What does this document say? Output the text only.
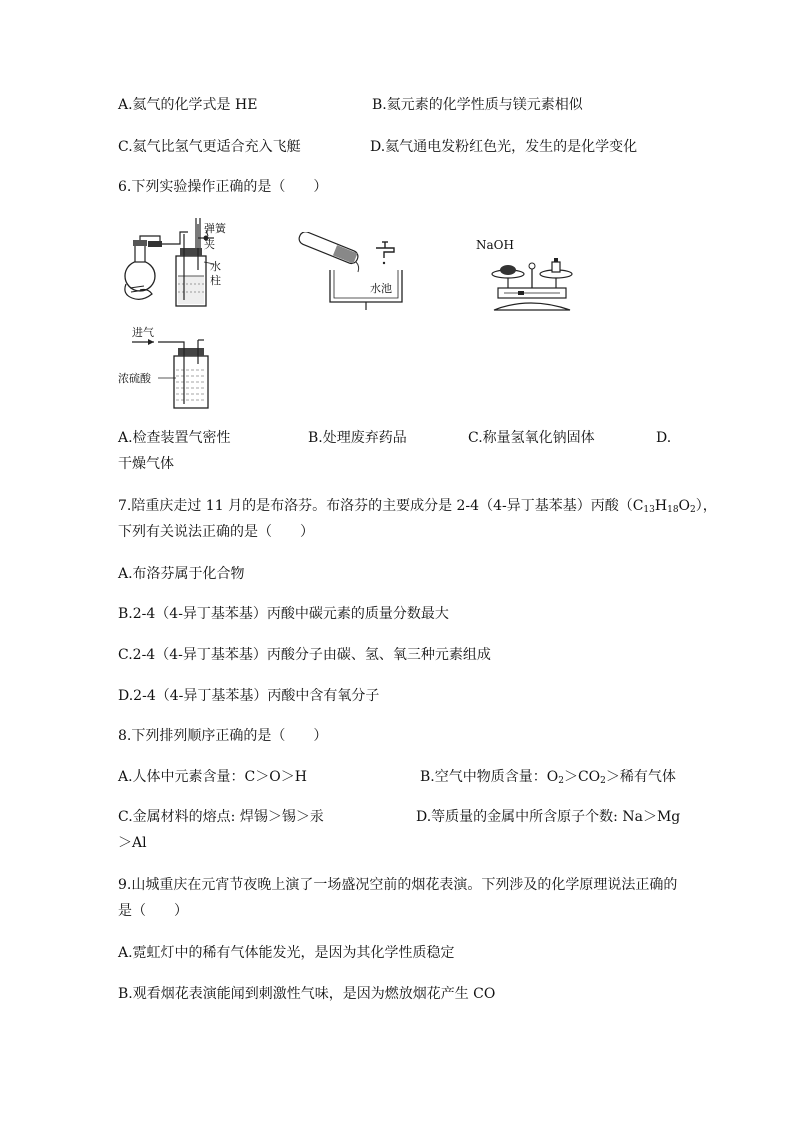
A.氦气的化学式是 HE	B.氦元素的化学性质与镁元素相似
C.氦气比氢气更适合充入飞艇	D.氦气通电发粉红色光，发生的是化学变化
6.下列实验操作正确的是（　　）
弹簧夹
水
柱
水池
NaOH
进气
浓硫酸
A.检查装置气密性	B.处理废弃药品	C.称量氢氧化钠固体	D.
干燥气体
7.陪重庆走过 11 月的是布洛芬。布洛芬的主要成分是 2-4（4-异丁基苯基）丙酸$(C_{13}H_{18}O_2)$，
下列有关说法正确的是（　　）
A.布洛芬属于化合物
B.2-4（4-异丁基苯基）丙酸中碳元素的质量分数最大
C.2-4（4-异丁基苯基）丙酸分子由碳、氢、氧三种元素组成
D.2-4（4-异丁基苯基）丙酸中含有氧分子
8.下列排列顺序正确的是（　　）
A.人体中元素含量：C＞O＞H	B.空气中物质含量：$O_2>CO_2>$稀有气体
C.金属材料的熔点: 焊锡＞锡＞汞	D.等质量的金属中所含原子个数: Na＞Mg
＞Al
9.山城重庆在元宵节夜晚上演了一场盛况空前的烟花表演。下列涉及的化学原理说法正确的
是（　　）
A.霓虹灯中的稀有气体能发光，是因为其化学性质稳定
B.观看烟花表演能闻到刺激性气味，是因为燃放烟花产生 CO
